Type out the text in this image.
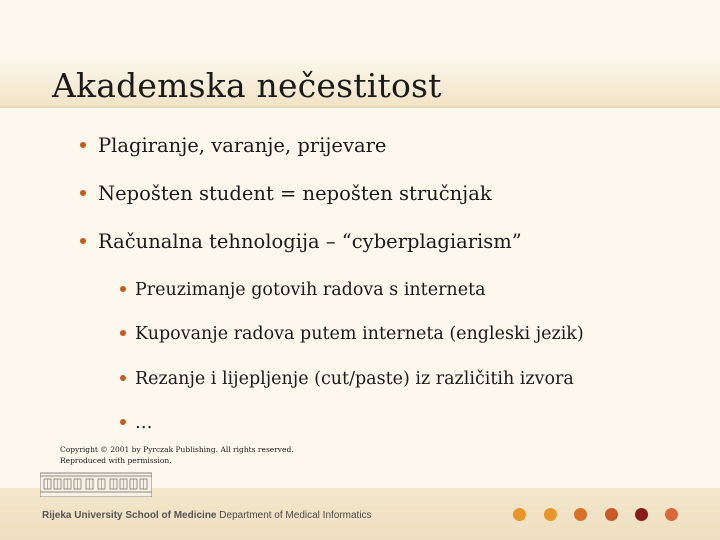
Akademska nečestitost
Plagiranje, varanje, prijevare
Nepošten student = nepošten stručnjak
Računalna tehnologija – “cyberplagiarism”
Preuzimanje gotovih radova s interneta
Kupovanje radova putem interneta (engleski jezik)
Rezanje i lijepljenje (cut/paste) iz različitih izvora
…
Copyright © 2001 by Pyrczak Publishing. All rights reserved.
Reproduced with permission.
Rijeka University School of Medicine Department of Medical Informatics
